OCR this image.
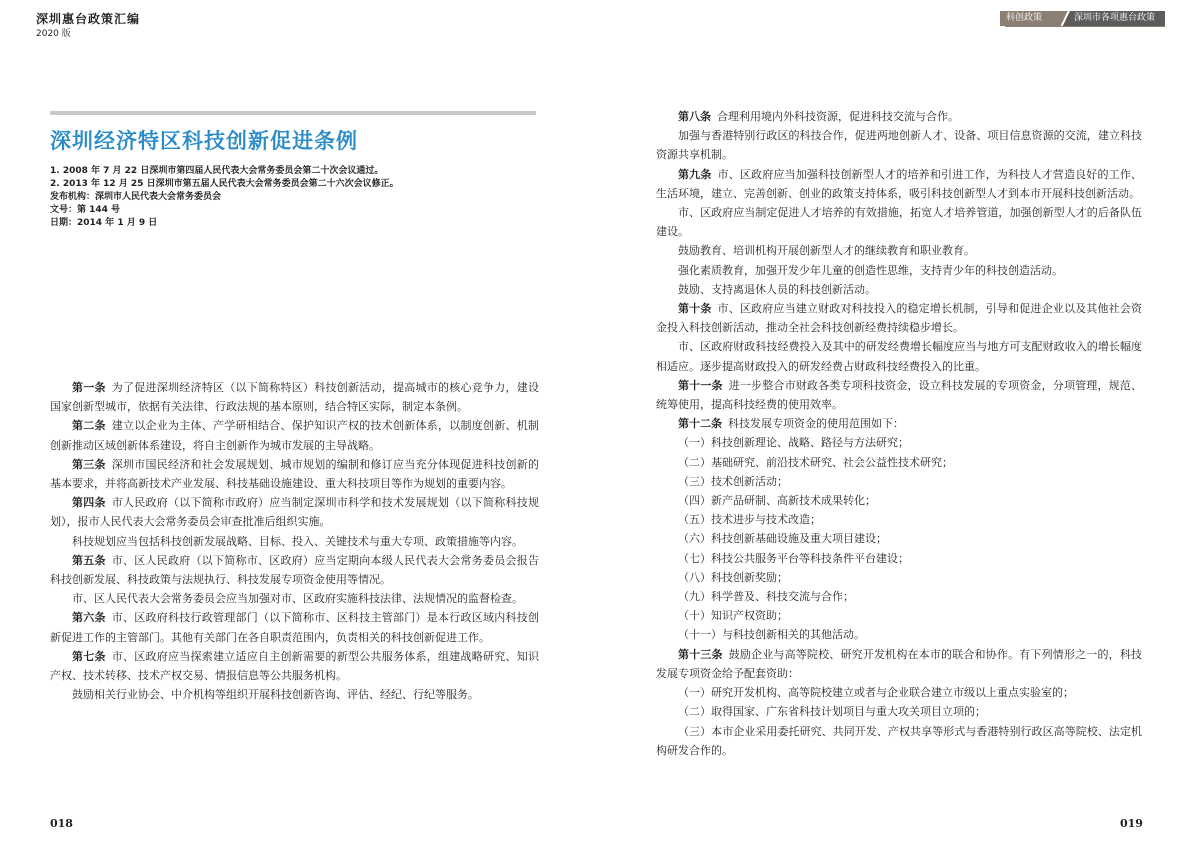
深圳惠台政策汇编
2020 版
科创政策	深圳市各项惠台政策
深圳经济特区科技创新促进条例
1. 2008 年 7 月 22 日深圳市第四届人民代表大会常务委员会第二十次会议通过。
2. 2013 年 12 月 25 日深圳市第五届人民代表大会常务委员会第二十六次会议修正。
发布机构：深圳市人民代表大会常务委员会
文号：第 144 号
日期：2014 年 1 月 9 日

第一条 为了促进深圳经济特区（以下简称特区）科技创新活动，提高城市的核心竞争力，建设国家创新型城市，依据有关法律、行政法规的基本原则，结合特区实际，制定本条例。

第二条 建立以企业为主体、产学研相结合、保护知识产权的技术创新体系，以制度创新、机制创新推动区域创新体系建设，将自主创新作为城市发展的主导战略。

第三条 深圳市国民经济和社会发展规划、城市规划的编制和修订应当充分体现促进科技创新的基本要求，并将高新技术产业发展、科技基础设施建设、重大科技项目等作为规划的重要内容。

第四条 市人民政府（以下简称市政府）应当制定深圳市科学和技术发展规划（以下简称科技规划），报市人民代表大会常务委员会审查批准后组织实施。

科技规划应当包括科技创新发展战略、目标、投入、关键技术与重大专项、政策措施等内容。

第五条 市、区人民政府（以下简称市、区政府）应当定期向本级人民代表大会常务委员会报告科技创新发展、科技政策与法规执行、科技发展专项资金使用等情况。

市、区人民代表大会常务委员会应当加强对市、区政府实施科技法律、法规情况的监督检查。

第六条 市、区政府科技行政管理部门（以下简称市、区科技主管部门）是本行政区域内科技创新促进工作的主管部门。其他有关部门在各自职责范围内，负责相关的科技创新促进工作。

第七条 市、区政府应当探索建立适应自主创新需要的新型公共服务体系，组建战略研究、知识产权、技术转移、技术产权交易、情报信息等公共服务机构。

鼓励相关行业协会、中介机构等组织开展科技创新咨询、评估、经纪、行纪等服务。

第八条 合理利用境内外科技资源，促进科技交流与合作。

加强与香港特别行政区的科技合作，促进两地创新人才、设备、项目信息资源的交流，建立科技资源共享机制。

第九条 市、区政府应当加强科技创新型人才的培养和引进工作，为科技人才营造良好的工作、生活环境，建立、完善创新、创业的政策支持体系，吸引科技创新型人才到本市开展科技创新活动。

市、区政府应当制定促进人才培养的有效措施，拓宽人才培养管道，加强创新型人才的后备队伍建设。

鼓励教育、培训机构开展创新型人才的继续教育和职业教育。

强化素质教育，加强开发少年儿童的创造性思维，支持青少年的科技创造活动。

鼓励、支持离退休人员的科技创新活动。

第十条 市、区政府应当建立财政对科技投入的稳定增长机制，引导和促进企业以及其他社会资金投入科技创新活动，推动全社会科技创新经费持续稳步增长。

市、区政府财政科技经费投入及其中的研发经费增长幅度应当与地方可支配财政收入的增长幅度相适应。逐步提高财政投入的研发经费占财政科技经费投入的比重。

第十一条 进一步整合市财政各类专项科技资金，设立科技发展的专项资金，分项管理，规范、统筹使用，提高科技经费的使用效率。

第十二条 科技发展专项资金的使用范围如下：

（一）科技创新理论、战略、路径与方法研究；

（二）基础研究、前沿技术研究、社会公益性技术研究；

（三）技术创新活动；

（四）新产品研制、高新技术成果转化；

（五）技术进步与技术改造；

（六）科技创新基础设施及重大项目建设；

（七）科技公共服务平台等科技条件平台建设；

（八）科技创新奖励；

（九）科学普及、科技交流与合作；

（十）知识产权资助；

（十一）与科技创新相关的其他活动。

第十三条 鼓励企业与高等院校、研究开发机构在本市的联合和协作。有下列情形之一的，科技发展专项资金给予配套资助：

（一）研究开发机构、高等院校建立或者与企业联合建立市级以上重点实验室的；

（二）取得国家、广东省科技计划项目与重大攻关项目立项的；

（三）本市企业采用委托研究、共同开发、产权共享等形式与香港特别行政区高等院校、法定机构研发合作的。

018	019
